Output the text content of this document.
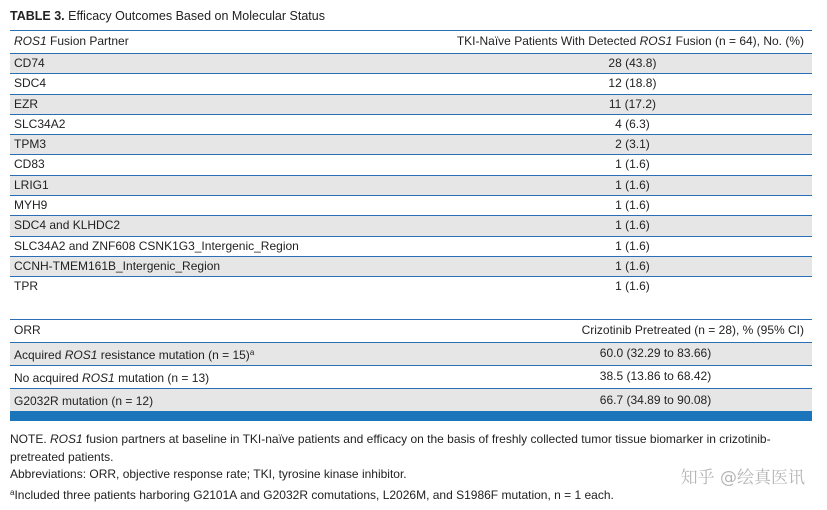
TABLE 3. Efficacy Outcomes Based on Molecular Status
ROS1 Fusion Partner	TKI-Naïve Patients With Detected ROS1 Fusion (n = 64), No. (%)
CD74	28 (43.8)
SDC4	12 (18.8)
EZR	11 (17.2)
SLC34A2	4 (6.3)
TPM3	2 (3.1)
CD83	1 (1.6)
LRIG1	1 (1.6)
MYH9	1 (1.6)
SDC4 and KLHDC2	1 (1.6)
SLC34A2 and ZNF608 CSNK1G3_Intergenic_Region	1 (1.6)
CCNH-TMEM161B_Intergenic_Region	1 (1.6)
TPR	1 (1.6)
ORR	Crizotinib Pretreated (n = 28), % (95% CI)
Acquired ROS1 resistance mutation (n = 15)$^a$	60.0 (32.29 to 83.66)
No acquired ROS1 mutation (n = 13)	38.5 (13.86 to 68.42)
G2032R mutation (n = 12)	66.7 (34.89 to 90.08)

NOTE. ROS1 fusion partners at baseline in TKI-naïve patients and efficacy on the basis of freshly collected tumor tissue biomarker in crizotinib-pretreated patients.

Abbreviations: ORR, objective response rate; TKI, tyrosine kinase inhibitor.

$^a$Included three patients harboring G2101A and G2032R comutations, L2026M, and S1986F mutation, n = 1 each.

知乎 @绘真医讯
